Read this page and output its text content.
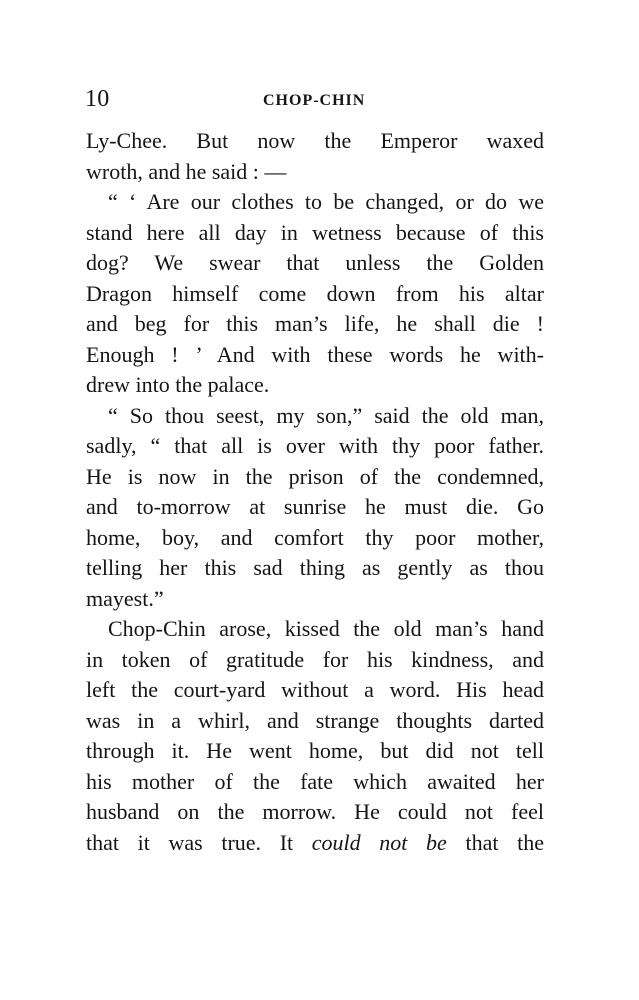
10	CHOP-CHIN
Ly-Chee. But now the Emperor waxed
wroth, and he said : —
“ ‘ Are our clothes to be changed, or do we
stand here all day in wetness because of this
dog? We swear that unless the Golden
Dragon himself come down from his altar
and beg for this man’s life, he shall die !
Enough ! ’ And with these words he with-
drew into the palace.
“ So thou seest, my son,” said the old man,
sadly, “ that all is over with thy poor father.
He is now in the prison of the condemned,
and to-morrow at sunrise he must die. Go
home, boy, and comfort thy poor mother,
telling her this sad thing as gently as thou
mayest.”
Chop-Chin arose, kissed the old man’s hand
in token of gratitude for his kindness, and
left the court-yard without a word. His head
was in a whirl, and strange thoughts darted
through it. He went home, but did not tell
his mother of the fate which awaited her
husband on the morrow. He could not feel
that it was true. It could not be that the
